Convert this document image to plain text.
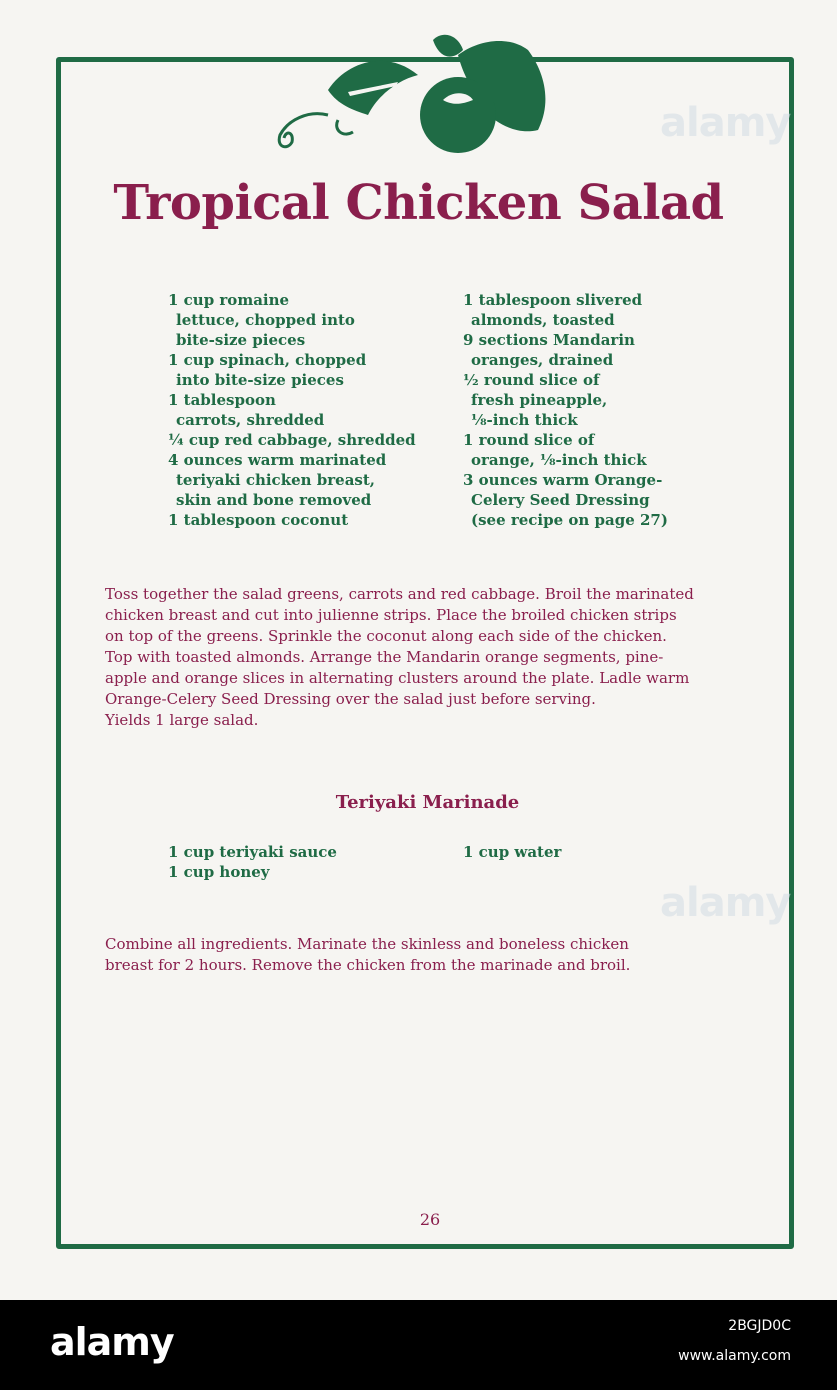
Tropical Chicken Salad
1 cup romaine
lettuce, chopped into
bite-size pieces
1 cup spinach, chopped
into bite-size pieces
1 tablespoon
carrots, shredded
¼ cup red cabbage, shredded
4 ounces warm marinated
teriyaki chicken breast,
skin and bone removed
1 tablespoon coconut
1 tablespoon slivered
almonds, toasted
9 sections Mandarin
oranges, drained
½ round slice of
fresh pineapple,
⅛-inch thick
1 round slice of
orange, ⅛-inch thick
3 ounces warm Orange-
Celery Seed Dressing
(see recipe on page 27)
Toss together the salad greens, carrots and red cabbage. Broil the marinated
chicken breast and cut into julienne strips. Place the broiled chicken strips
on top of the greens. Sprinkle the coconut along each side of the chicken.
Top with toasted almonds. Arrange the Mandarin orange segments, pine-
apple and orange slices in alternating clusters around the plate. Ladle warm
Orange-Celery Seed Dressing over the salad just before serving.
Yields 1 large salad.
Teriyaki Marinade
1 cup teriyaki sauce
1 cup honey
1 cup water
Combine all ingredients. Marinate the skinless and boneless chicken
breast for 2 hours. Remove the chicken from the marinade and broil.
26
alamy
alamy
alamy	2BGJD0C
www.alamy.com
